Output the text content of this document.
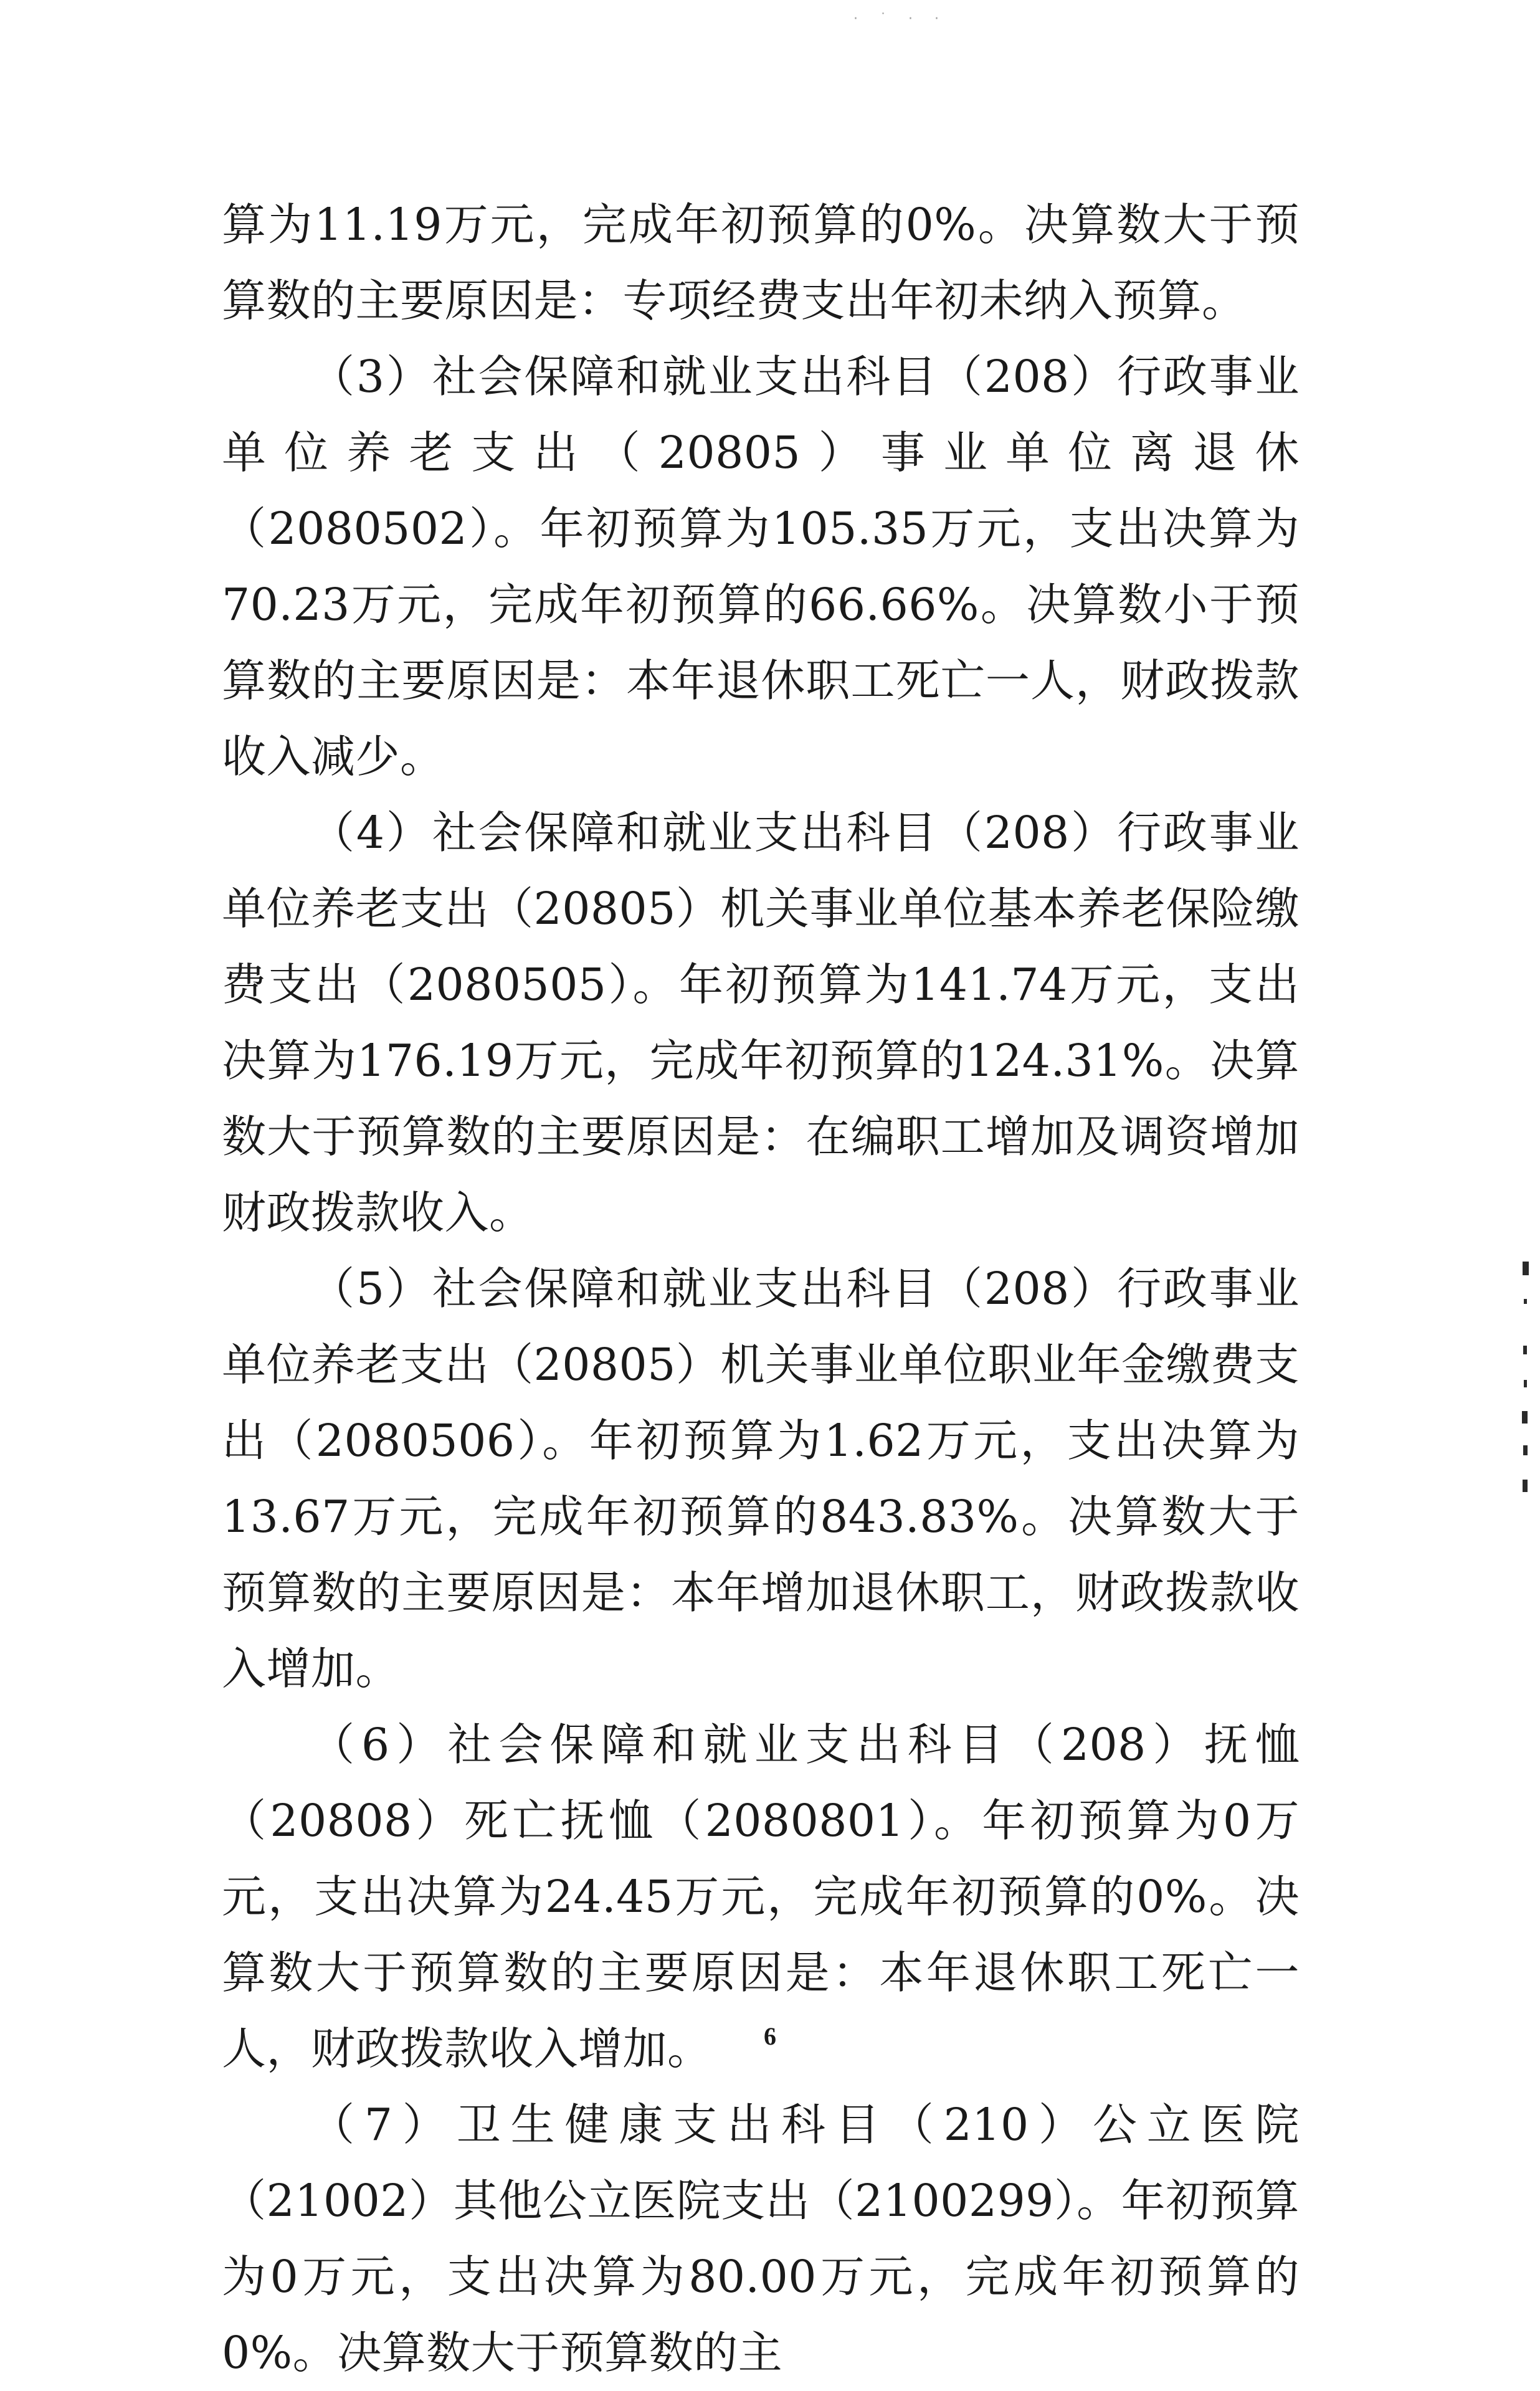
· ˙ · ·

算为11.19万元，完成年初预算的0%。决算数大于预算数的主要原因是：专项经费支出年初未纳入预算。

（3）社会保障和就业支出科目（208）行政事业单位养老支出（20805）事业单位离退休（2080502）。年初预算为105.35万元，支出决算为70.23万元，完成年初预算的66.66%。决算数小于预算数的主要原因是：本年退休职工死亡一人，财政拨款收入减少。

（4）社会保障和就业支出科目（208）行政事业单位养老支出（20805）机关事业单位基本养老保险缴费支出（2080505）。年初预算为141.74万元，支出决算为176.19万元，完成年初预算的124.31%。决算数大于预算数的主要原因是：在编职工增加及调资增加财政拨款收入。

（5）社会保障和就业支出科目（208）行政事业单位养老支出（20805）机关事业单位职业年金缴费支出（2080506）。年初预算为1.62万元，支出决算为13.67万元，完成年初预算的843.83%。决算数大于预算数的主要原因是：本年增加退休职工，财政拨款收入增加。

（6）社会保障和就业支出科目（208）抚恤（20808）死亡抚恤（2080801）。年初预算为0万元，支出决算为24.45万元，完成年初预算的0%。决算数大于预算数的主要原因是：本年退休职工死亡一人，财政拨款收入增加。

（7）卫生健康支出科目（210）公立医院（21002）其他公立医院支出（2100299）。年初预算为0万元，支出决算为80.00万元，完成年初预算的0%。决算数大于预算数的主

6
